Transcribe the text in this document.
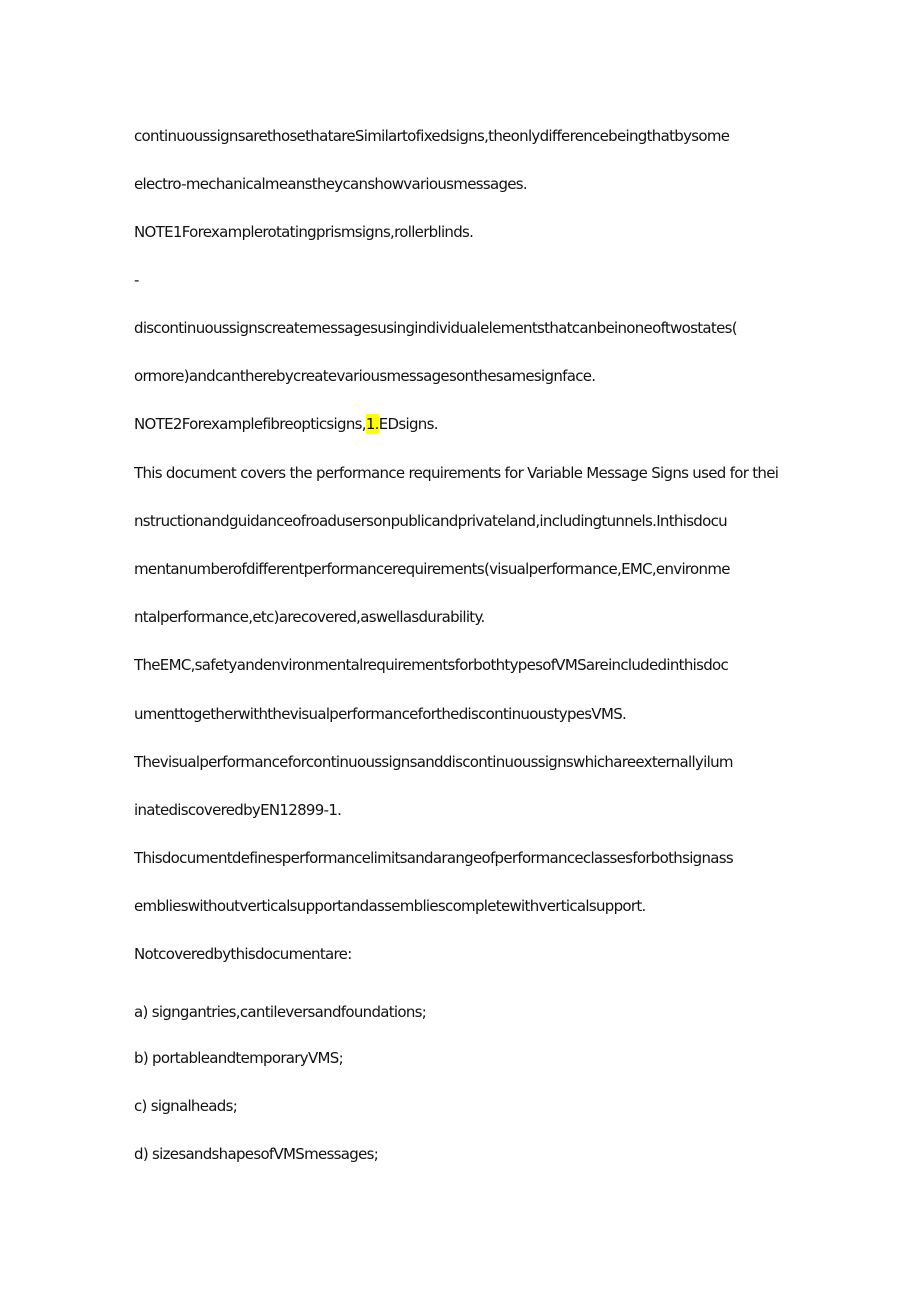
continuoussignsarethosethatareSimilartofixedsigns,theonlydifferencebeingthatbysome
electro-mechanicalmeanstheycanshowvariousmessages.
NOTE1Forexamplerotatingprismsigns,rollerblinds.
-
discontinuoussignscreatemessagesusingindividualelementsthatcanbeinoneoftwostates(
ormore)andcantherebycreatevariousmessagesonthesamesignface.
NOTE2Forexamplefibreopticsigns,1.EDsigns.
This document covers the performance requirements for Variable Message Signs used for thei
nstructionandguidanceofroadusersonpublicandprivateland,includingtunnels.Inthisdocu
mentanumberofdifferentperformancerequirements(visualperformance,EMC,environme
ntalperformance,etc)arecovered,aswellasdurability.
TheEMC,safetyandenvironmentalrequirementsforbothtypesofVMSareincludedinthisdoc
umenttogetherwiththevisualperformanceforthediscontinuoustypesVMS.
Thevisualperformanceforcontinuoussignsanddiscontinuoussignswhichareexternallyilum
inatediscoveredbyEN12899-1.
Thisdocumentdefinesperformancelimitsandarangeofperformanceclassesforbothsignass
emblieswithoutverticalsupportandassembliescompletewithverticalsupport.
Notcoveredbythisdocumentare:
a) signgantries,cantileversandfoundations;
b) portableandtemporaryVMS;
c) signalheads;
d) sizesandshapesofVMSmessages;
